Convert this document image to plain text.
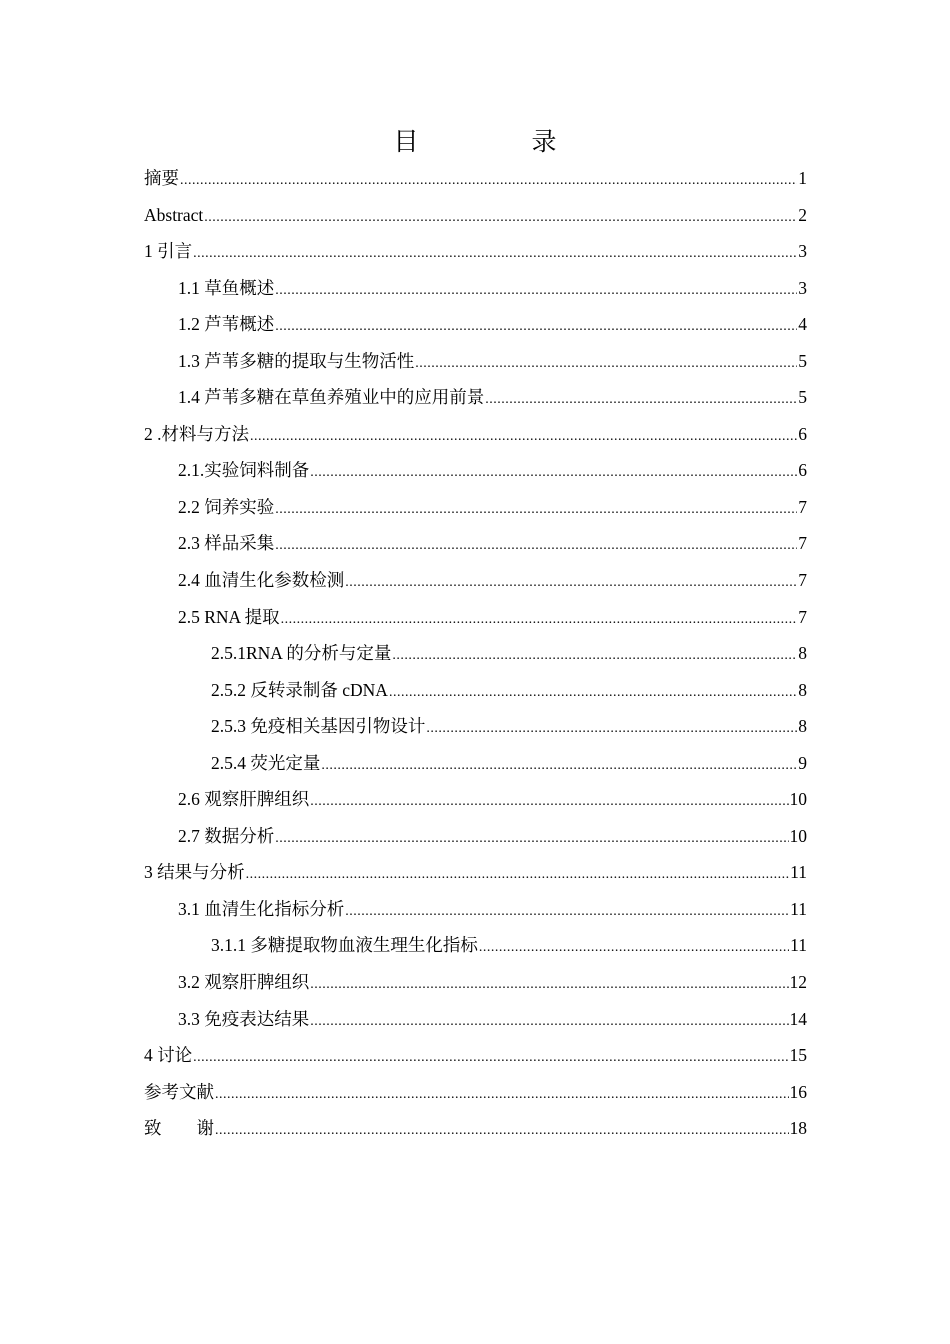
目　录
摘要 .....	1
Abstract .....	2
1 引言 .....	3
1.1 草鱼概述 .....	3
1.2 芦苇概述 .....	4
1.3 芦苇多糖的提取与生物活性 .....	5
1.4 芦苇多糖在草鱼养殖业中的应用前景 .....	5
2 .材料与方法 .....	6
2.1.实验饲料制备 .....	6
2.2 饲养实验 .....	7
2.3 样品采集 .....	7
2.4 血清生化参数检测 .....	7
2.5 RNA 提取 .....	7
2.5.1RNA 的分析与定量 .....	8
2.5.2 反转录制备 cDNA .....	8
2.5.3 免疫相关基因引物设计 .....	8
2.5.4 荧光定量 .....	9
2.6 观察肝脾组织 .....	10
2.7 数据分析 .....	10
3 结果与分析 .....	11
3.1 血清生化指标分析 .....	11
3.1.1 多糖提取物血液生理生化指标 .....	11
3.2 观察肝脾组织 .....	12
3.3 免疫表达结果 .....	14
4 讨论 .....	15
参考文献 .....	16
致　　谢 .....	18
